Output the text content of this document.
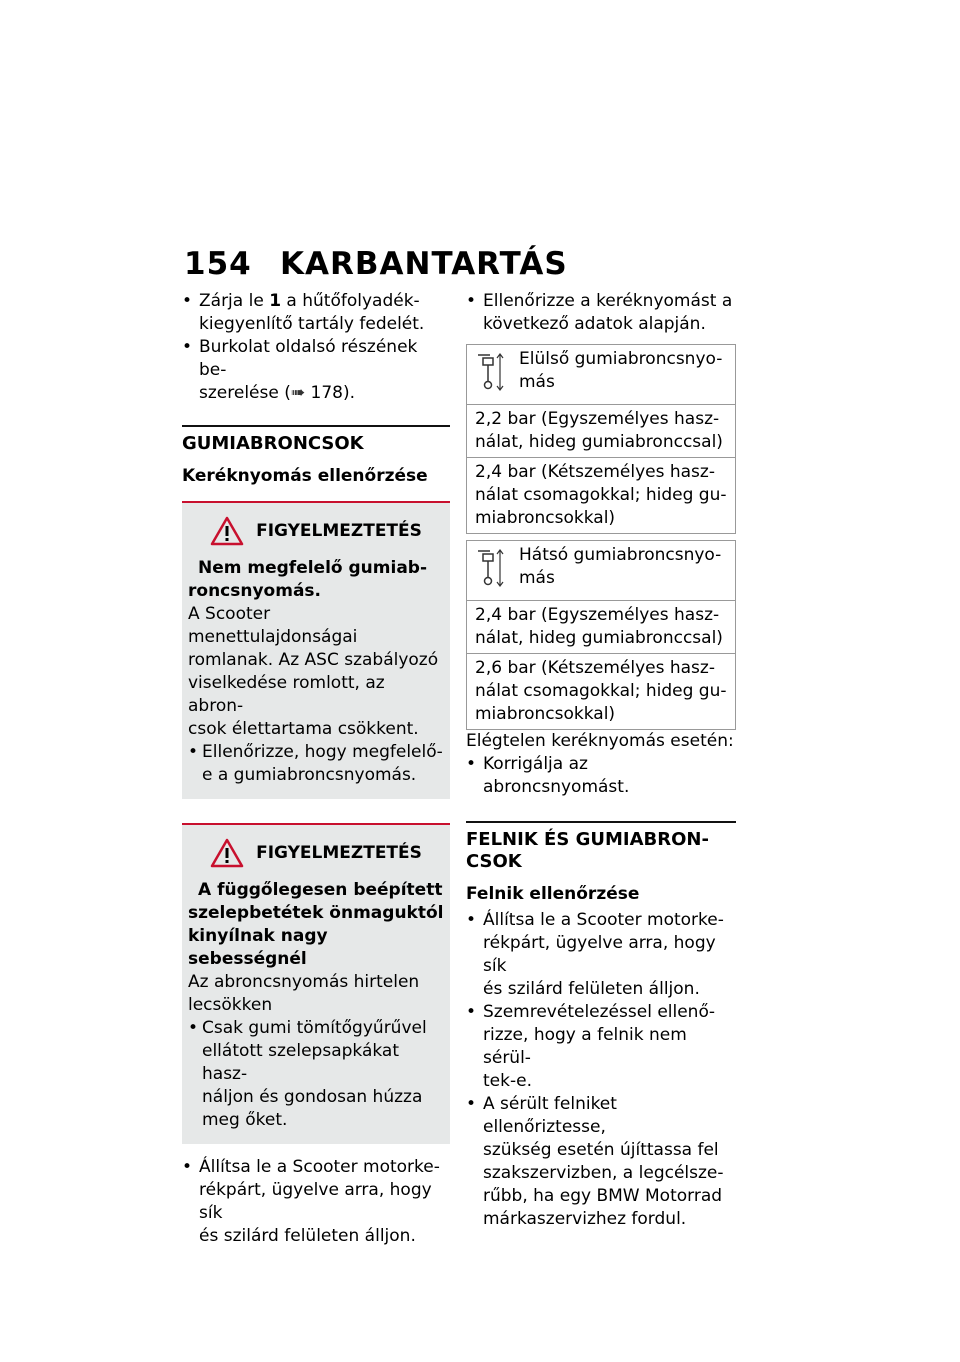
154 KARBANTARTÁS
• Zárja le 1 a hűtőfolyadék-
kiegyenlítő tartály fedelét.
• Burkolat oldalsó részének be-
szerelése (➠ 178).
GUMIABRONCSOK
Keréknyomás ellenőrzése
FIGYELMEZTETÉS
Nem megfelelő gumiab-
roncsnyomás.
A Scooter menettulajdonságai
romlanak. Az ASC szabályozó
viselkedése romlott, az abron-
csok élettartama csökkent.
• Ellenőrizze, hogy megfelelő-
e a gumiabroncsnyomás.
FIGYELMEZTETÉS
A függőlegesen beépített
szelepbetétek önmaguktól
kinyílnak nagy sebességnél
Az abroncsnyomás hirtelen
lecsökken
• Csak gumi tömítőgyűrűvel
ellátott szelepsapkákat hasz-
náljon és gondosan húzza
meg őket.
• Állítsa le a Scooter motorke-
rékpárt, ügyelve arra, hogy sík
és szilárd felületen álljon.
• Ellenőrizze a keréknyomást a
következő adatok alapján.
Elülső gumiabroncsnyo-
más
2,2 bar (Egyszemélyes hasz-
nálat, hideg gumiabronccsal)
2,4 bar (Kétszemélyes hasz-
nálat csomagokkal; hideg gu-
miabroncsokkal)
Hátsó gumiabroncsnyo-
más
2,4 bar (Egyszemélyes hasz-
nálat, hideg gumiabronccsal)
2,6 bar (Kétszemélyes hasz-
nálat csomagokkal; hideg gu-
miabroncsokkal)
Elégtelen keréknyomás esetén:
• Korrigálja az abroncsnyomást.
FELNIK ÉS GUMIABRON-
CSOK
Felnik ellenőrzése
• Állítsa le a Scooter motorke-
rékpárt, ügyelve arra, hogy sík
és szilárd felületen álljon.
• Szemrevételezéssel ellenő-
rizze, hogy a felnik nem sérül-
tek-e.
• A sérült felniket ellenőriztesse,
szükség esetén újíttassa fel
szakszervizben, a legcélsze-
rűbb, ha egy BMW Motorrad
márkaszervizhez fordul.
